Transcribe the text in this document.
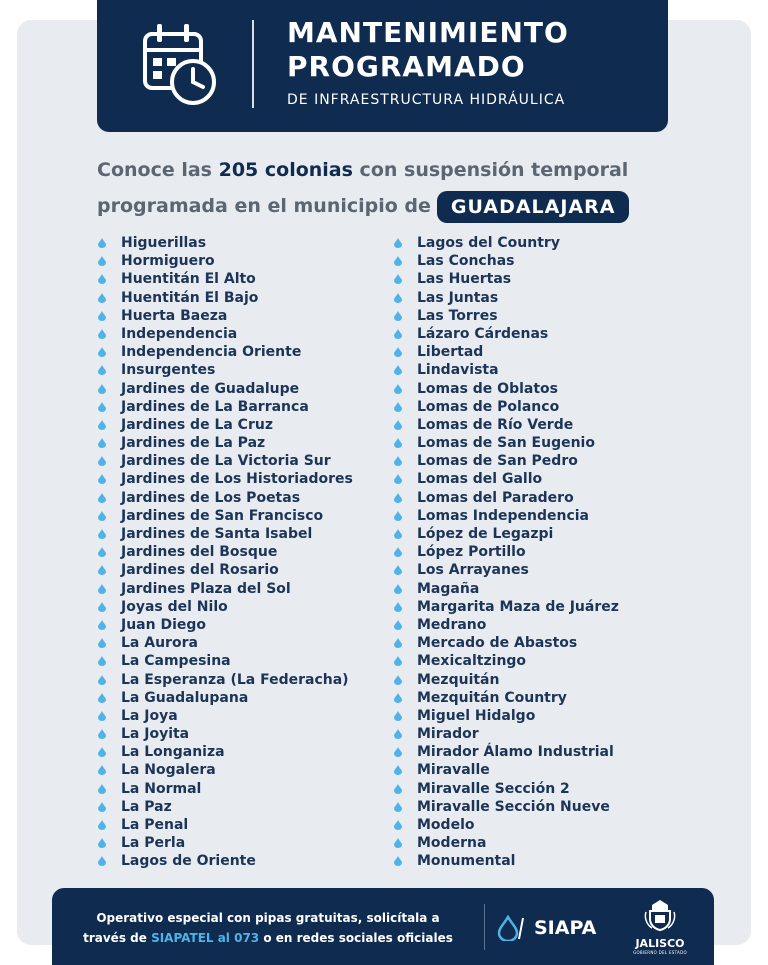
MANTENIMIENTO
PROGRAMADO
DE INFRAESTRUCTURA HIDRÁULICA
Conoce las 205 colonias con suspensión temporal
programada en el municipio de GUADALAJARA
Higuerillas
Hormiguero
Huentitán El Alto
Huentitán El Bajo
Huerta Baeza
Independencia
Independencia Oriente
Insurgentes
Jardines de Guadalupe
Jardines de La Barranca
Jardines de La Cruz
Jardines de La Paz
Jardines de La Victoria Sur
Jardines de Los Historiadores
Jardines de Los Poetas
Jardines de San Francisco
Jardines de Santa Isabel
Jardines del Bosque
Jardines del Rosario
Jardines Plaza del Sol
Joyas del Nilo
Juan Diego
La Aurora
La Campesina
La Esperanza (La Federacha)
La Guadalupana
La Joya
La Joyita
La Longaniza
La Nogalera
La Normal
La Paz
La Penal
La Perla
Lagos de Oriente
Lagos del Country
Las Conchas
Las Huertas
Las Juntas
Las Torres
Lázaro Cárdenas
Libertad
Lindavista
Lomas de Oblatos
Lomas de Polanco
Lomas de Río Verde
Lomas de San Eugenio
Lomas de San Pedro
Lomas del Gallo
Lomas del Paradero
Lomas Independencia
López de Legazpi
López Portillo
Los Arrayanes
Magaña
Margarita Maza de Juárez
Medrano
Mercado de Abastos
Mexicaltzingo
Mezquitán
Mezquitán Country
Miguel Hidalgo
Mirador
Mirador Álamo Industrial
Miravalle
Miravalle Sección 2
Miravalle Sección Nueve
Modelo
Moderna
Monumental
Operativo especial con pipas gratuitas, solicítala a
través de SIAPATEL al 073 o en redes sociales oficiales	SIAPA
JALISCO
GOBIERNO DEL ESTADO
